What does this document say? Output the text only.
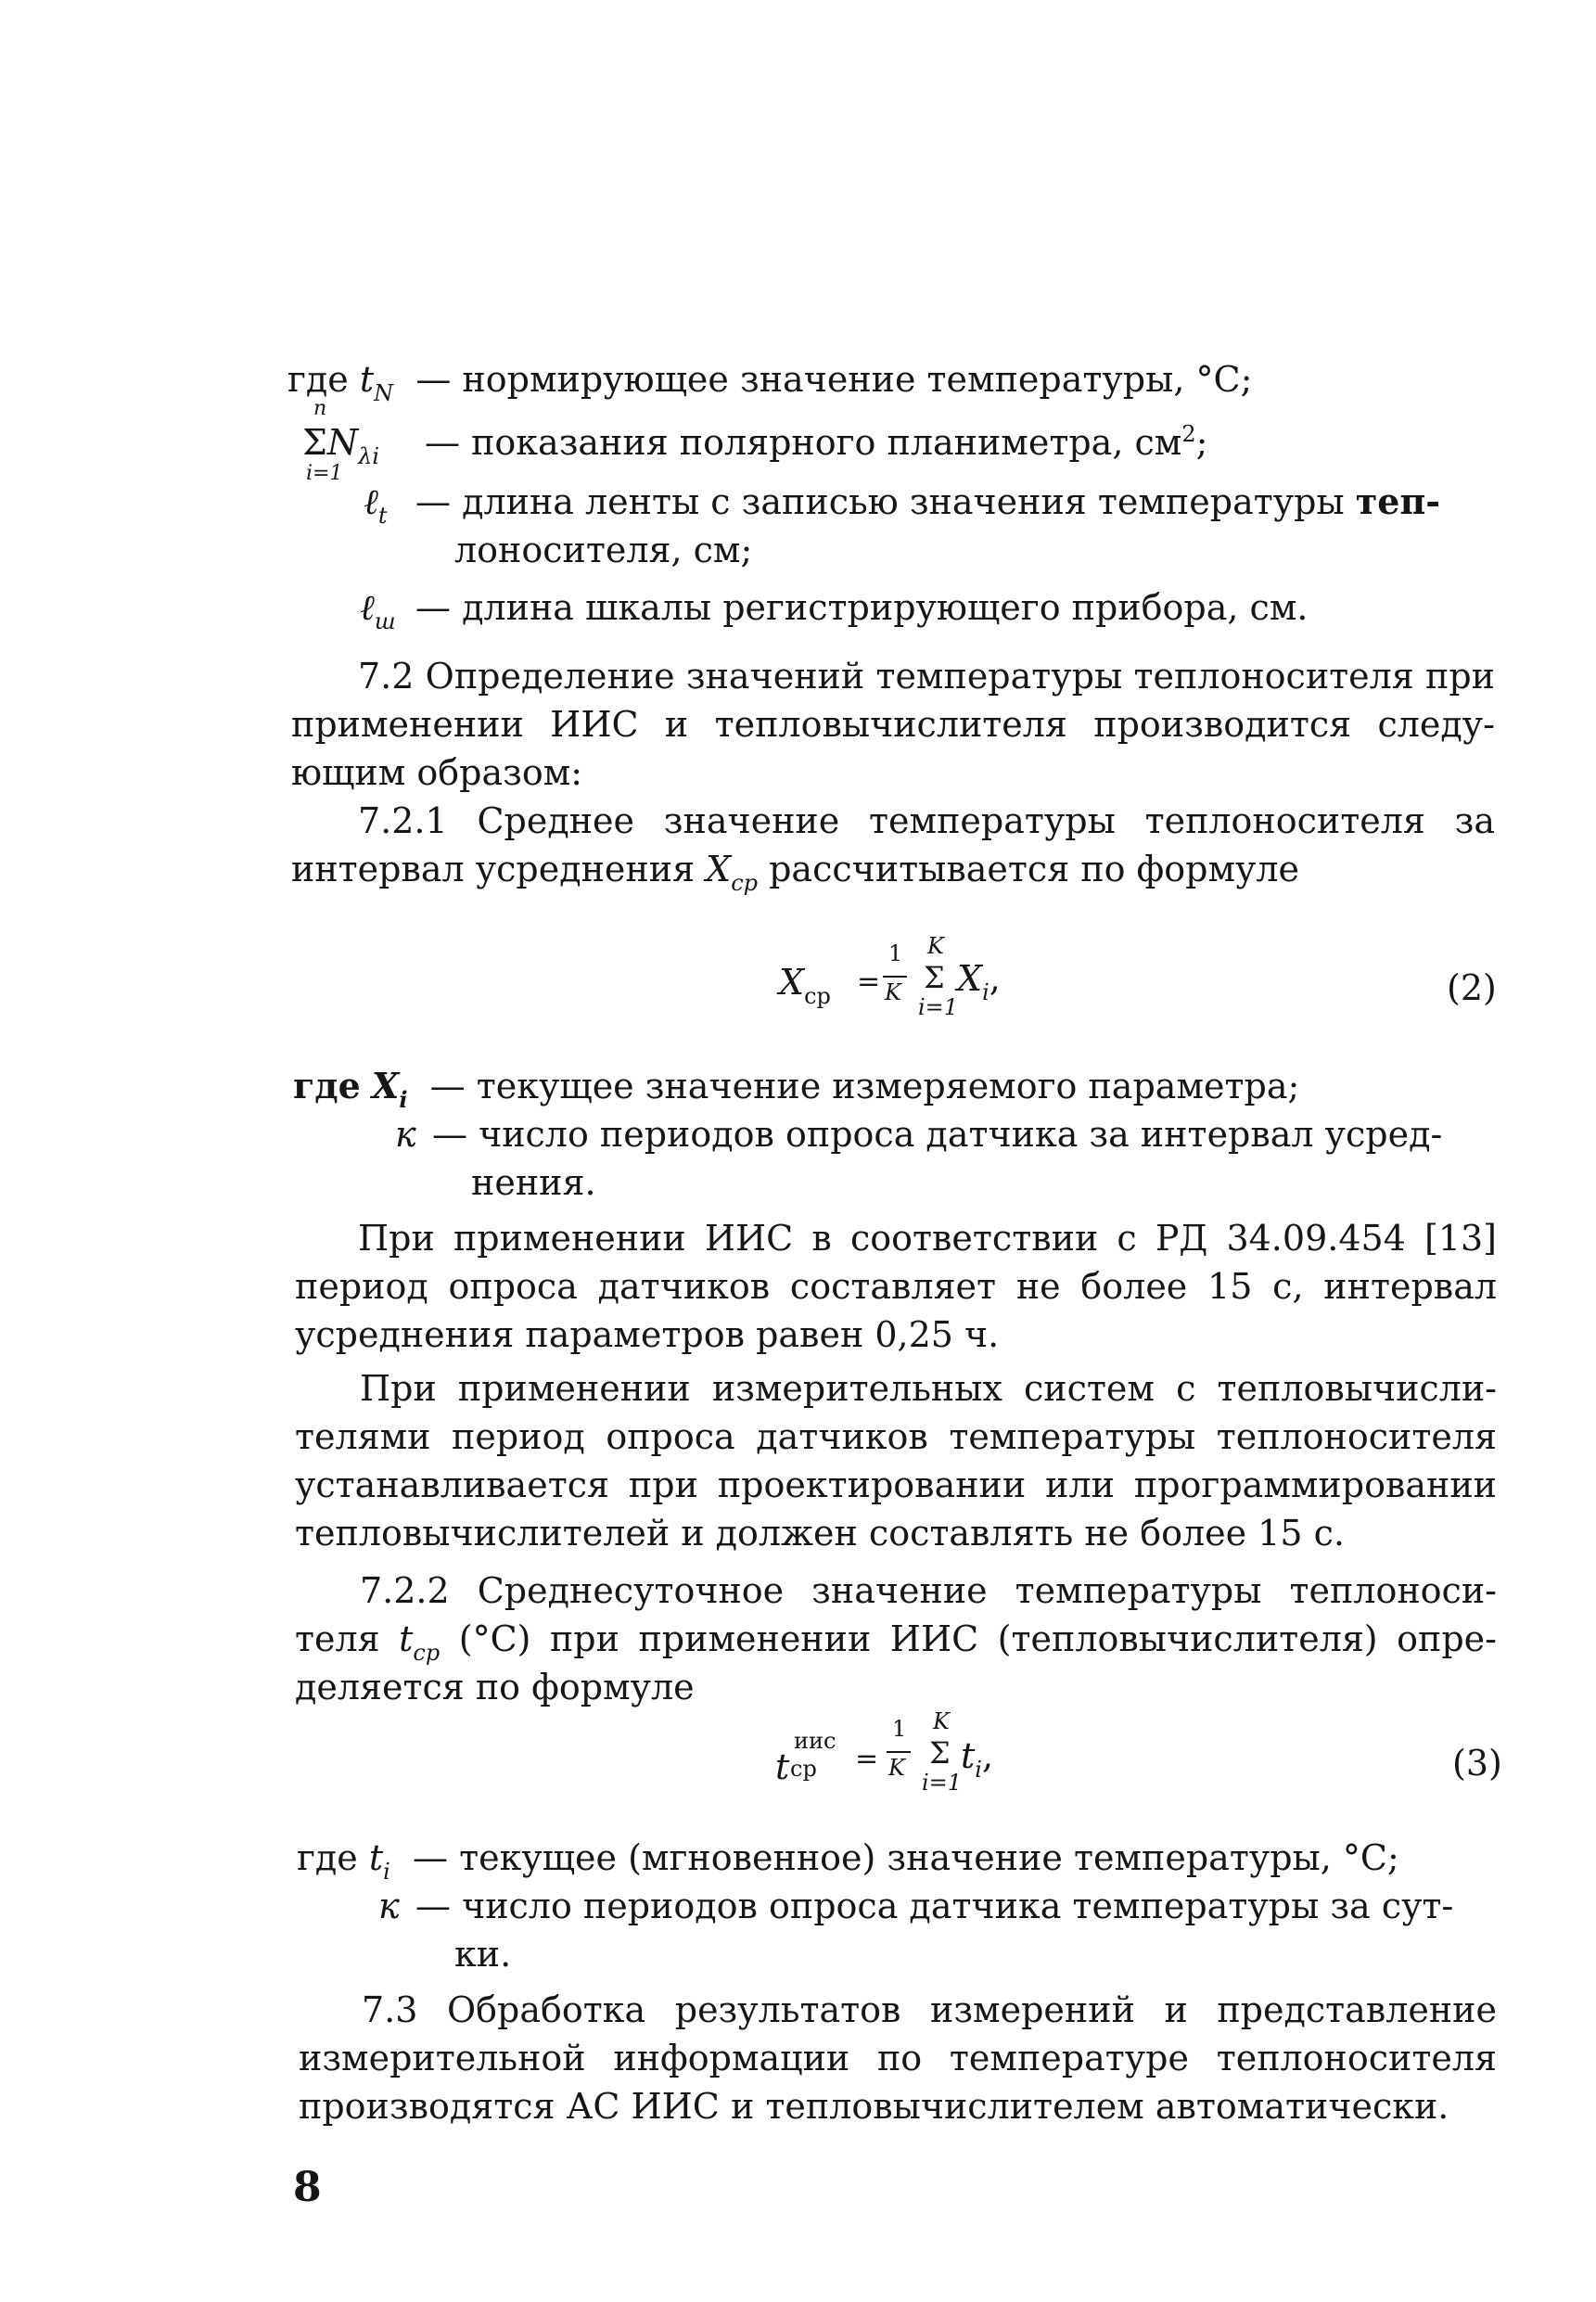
где $t_N$ — нормирующее значение температуры, °С;
n
$\Sigma N_{\lambda i}$
i=1
— показания полярного планиметра, $см^2$;
ℓ$_t$ — длина ленты с записью значения температуры теп-
лоносителя, см;
ℓ$_ш$ — длина шкалы регистрирующего прибора, см.
7.2 Определение значений температуры теплоносителя при
применении ИИС и тепловычислителя производится следу-
ющим образом:
7.2.1 Среднее значение температуры теплоносителя за
интервал усреднения $X_{ср}$ рассчитывается по формуле
$X_{ср}$ =
1
K
K
Σ
i=1
$X_i$,	(2)
где $X_i$ — текущее значение измеряемого параметра;
к — число периодов опроса датчика за интервал усред-
нения.
При применении ИИС в соответствии с РД 34.09.454 [13]
период опроса датчиков составляет не более 15 с, интервал
усреднения параметров равен 0,25 ч.
При применении измерительных систем с тепловычисли-
телями период опроса датчиков температуры теплоносителя
устанавливается при проектировании или программировании
тепловычислителей и должен составлять не более 15 с.
7.2.2 Среднесуточное значение температуры теплоноси-
теля $t_{ср}$ (°С) при применении ИИС (тепловычислителя) опре-
деляется по формуле
t
иис
ср =
1
K
K
Σ
i=1
$t_i$,	(3)
где $t_i$ — текущее (мгновенное) значение температуры, °С;
к — число периодов опроса датчика температуры за сут-
ки.
7.3 Обработка результатов измерений и представление
измерительной информации по температуре теплоносителя
производятся АС ИИС и тепловычислителем автоматически.
8
